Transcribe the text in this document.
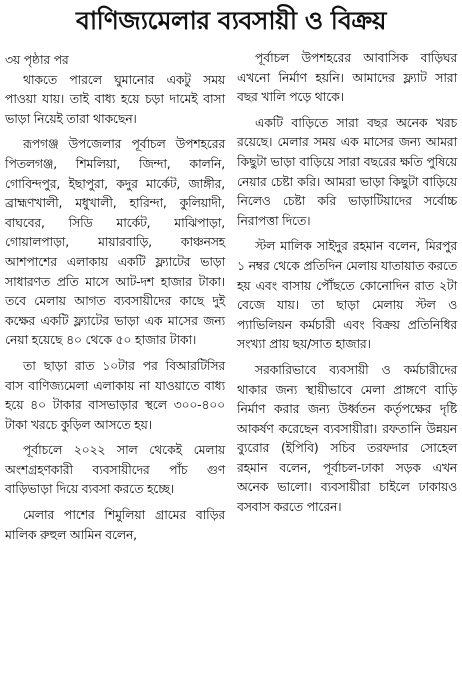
বাণিজ্যমেলার ব্যবসায়ী ও বিক্রয়

৩য় পৃষ্ঠার পর

থাকতে পারলে ঘুমানোর একটু সময় পাওয়া যায়। তাই বাধ্য হয়ে চড়া দামেই বাসা ভাড়া নিয়েই তারা থাকছেন।

রূপগঞ্জ উপজেলার পূর্বাচল উপশহরের পিতলগঞ্জ, শিমলিয়া, জিন্দা, কালনি, গোবিন্দপুর, ইছাপুরা, কদুর মার্কেট, জাঙ্গীর, ব্রাহ্মণখালী, মধুখালী, হারিন্দা, কুলিয়াদী, বাঘবের, সিডি মার্কেট, মাঝিপাড়া, গোয়ালপাড়া, মায়ারবাড়ি, কাঞ্চনসহ আশপাশের এলাকায় একটি ফ্ল্যাটের ভাড়া সাধারণত প্রতি মাসে আট-দশ হাজার টাকা। তবে মেলায় আগত ব্যবসায়ীদের কাছে দুই কক্ষের একটি ফ্ল্যাটের ভাড়া এক মাসের জন্য নেয়া হয়েছে ৪০ থেকে ৫০ হাজার টাকা।

তা ছাড়া রাত ১০টার পর বিআরটিসির বাস বাণিজ্যমেলা এলাকায় না যাওয়াতে বাধ্য হয়ে ৪০ টাকার বাসভাড়ার স্থলে ৩০০-৪০০ টাকা খরচে কুড়িল আসতে হয়।

পূর্বাচলে ২০২২ সাল থেকেই মেলায় অংশগ্রহণকারী ব্যবসায়ীদের পাঁচ গুণ বাড়িভাড়া দিয়ে ব্যবসা করতে হচ্ছে।

মেলার পাশের শিমুলিয়া গ্রামের বাড়ির মালিক রুহুল আমিন বলেন,

পূর্বাচল উপশহরের আবাসিক বাড়িঘর এখনো নির্মাণ হয়নি। আমাদের ফ্ল্যাট সারা বছর খালি পড়ে থাকে।

একটি বাড়িতে সারা বছর অনেক খরচ রয়েছে। মেলার সময় এক মাসের জন্য আমরা কিছুটা ভাড়া বাড়িয়ে সারা বছরের ক্ষতি পুষিয়ে নেয়ার চেষ্টা করি। আমরা ভাড়া কিছুটা বাড়িয়ে নিলেও চেষ্টা করি ভাড়াটিয়াদের সর্বোচ্চ নিরাপত্তা দিতে।

স্টল মালিক সাইদুর রহমান বলেন, মিরপুর ১ নম্বর থেকে প্রতিদিন মেলায় যাতায়াত করতে হয় এবং বাসায় পৌঁছতে কোনোদিন রাত ২টা বেজে যায়। তা ছাড়া মেলায় স্টল ও প্যাভিলিয়ন কর্মচারী এবং বিক্রয় প্রতিনিধির সংখ্যা প্রায় ছয়/সাত হাজার।

সরকারিভাবে ব্যবসায়ী ও কর্মচারীদের থাকার জন্য স্থায়ীভাবে মেলা প্রাঙ্গণে বাড়ি নির্মাণ করার জন্য উর্ধ্বতন কর্তৃপক্ষের দৃষ্টি আকর্ষণ করেছেন ব্যবসায়ীরা। রফতানি উন্নয়ন ব্যুরোর (ইপিবি) সচিব তরফদার সোহেল রহমান বলেন, পূর্বাচল-ঢাকা সড়ক এখন অনেক ভালো। ব্যবসায়ীরা চাইলে ঢাকায়ও বসবাস করতে পারেন।
